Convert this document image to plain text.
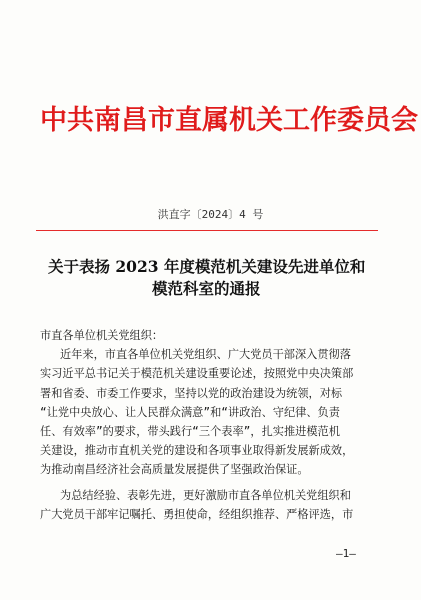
中共南昌市直属机关工作委员会
洪直字〔2024〕4 号
关于表扬 2023 年度模范机关建设先进单位和
模范科室的通报
市直各单位机关党组织：
近年来，市直各单位机关党组织、广大党员干部深入贯彻落
实习近平总书记关于模范机关建设重要论述，按照党中央决策部
署和省委、市委工作要求，坚持以党的政治建设为统领，对标
“让党中央放心、让人民群众满意”和“讲政治、守纪律、负责
任、有效率”的要求，带头践行“三个表率”，扎实推进模范机
关建设，推动市直机关党的建设和各项事业取得新发展新成效，
为推动南昌经济社会高质量发展提供了坚强政治保证。
为总结经验、表彰先进，更好激励市直各单位机关党组织和
广大党员干部牢记嘱托、勇担使命，经组织推荐、严格评选，市
—1—
